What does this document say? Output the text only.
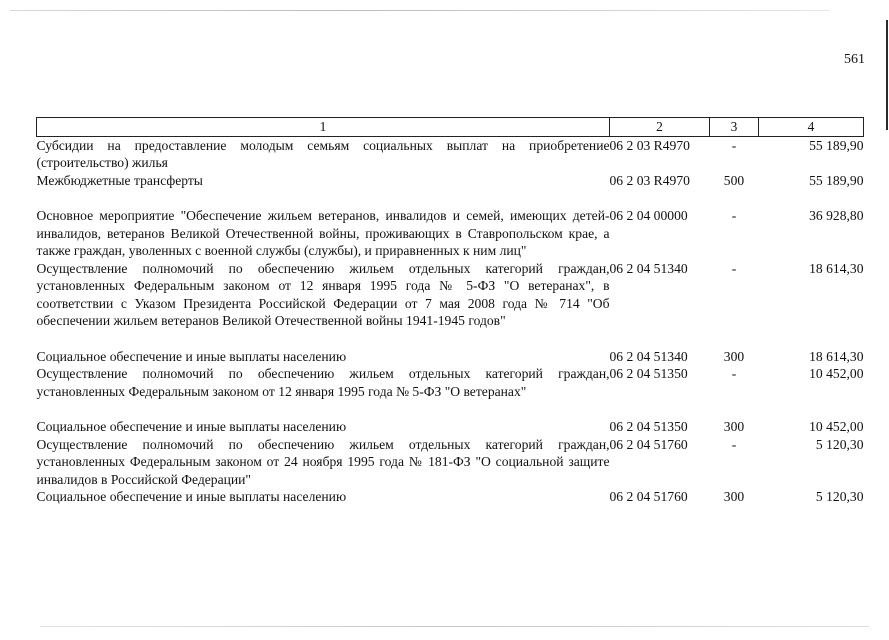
561
1	2	3	4
Субсидии на предоставление молодым семьям социальных выплат на приобретение (строительство) жилья	06 2 03 R4970	-	55 189,90
Межбюджетные трансферты	06 2 03 R4970	500	55 189,90
Основное мероприятие "Обеспечение жильем ветеранов, инвалидов и семей, имеющих детей-инвалидов, ветеранов Великой Отечественной войны, проживающих в Ставропольском крае, а также граждан, уволенных с военной службы (службы), и приравненных к ним лиц"	06 2 04 00000	-	36 928,80
Осуществление полномочий по обеспечению жильем отдельных категорий граждан, установленных Федеральным законом от 12 января 1995 года № 5-ФЗ "О ветеранах", в соответствии с Указом Президента Российской Федерации от 7 мая 2008 года № 714 "Об обеспечении жильем ветеранов Великой Отечественной войны 1941-1945 годов"	06 2 04 51340	-	18 614,30
Социальное обеспечение и иные выплаты населению	06 2 04 51340	300	18 614,30
Осуществление полномочий по обеспечению жильем отдельных категорий граждан, установленных Федеральным законом от 12 января 1995 года № 5-ФЗ "О ветеранах"	06 2 04 51350	-	10 452,00
Социальное обеспечение и иные выплаты населению	06 2 04 51350	300	10 452,00
Осуществление полномочий по обеспечению жильем отдельных категорий граждан, установленных Федеральным законом от 24 ноября 1995 года № 181-ФЗ "О социальной защите инвалидов в Российской Федерации"	06 2 04 51760	-	5 120,30
Социальное обеспечение и иные выплаты населению	06 2 04 51760	300	5 120,30
